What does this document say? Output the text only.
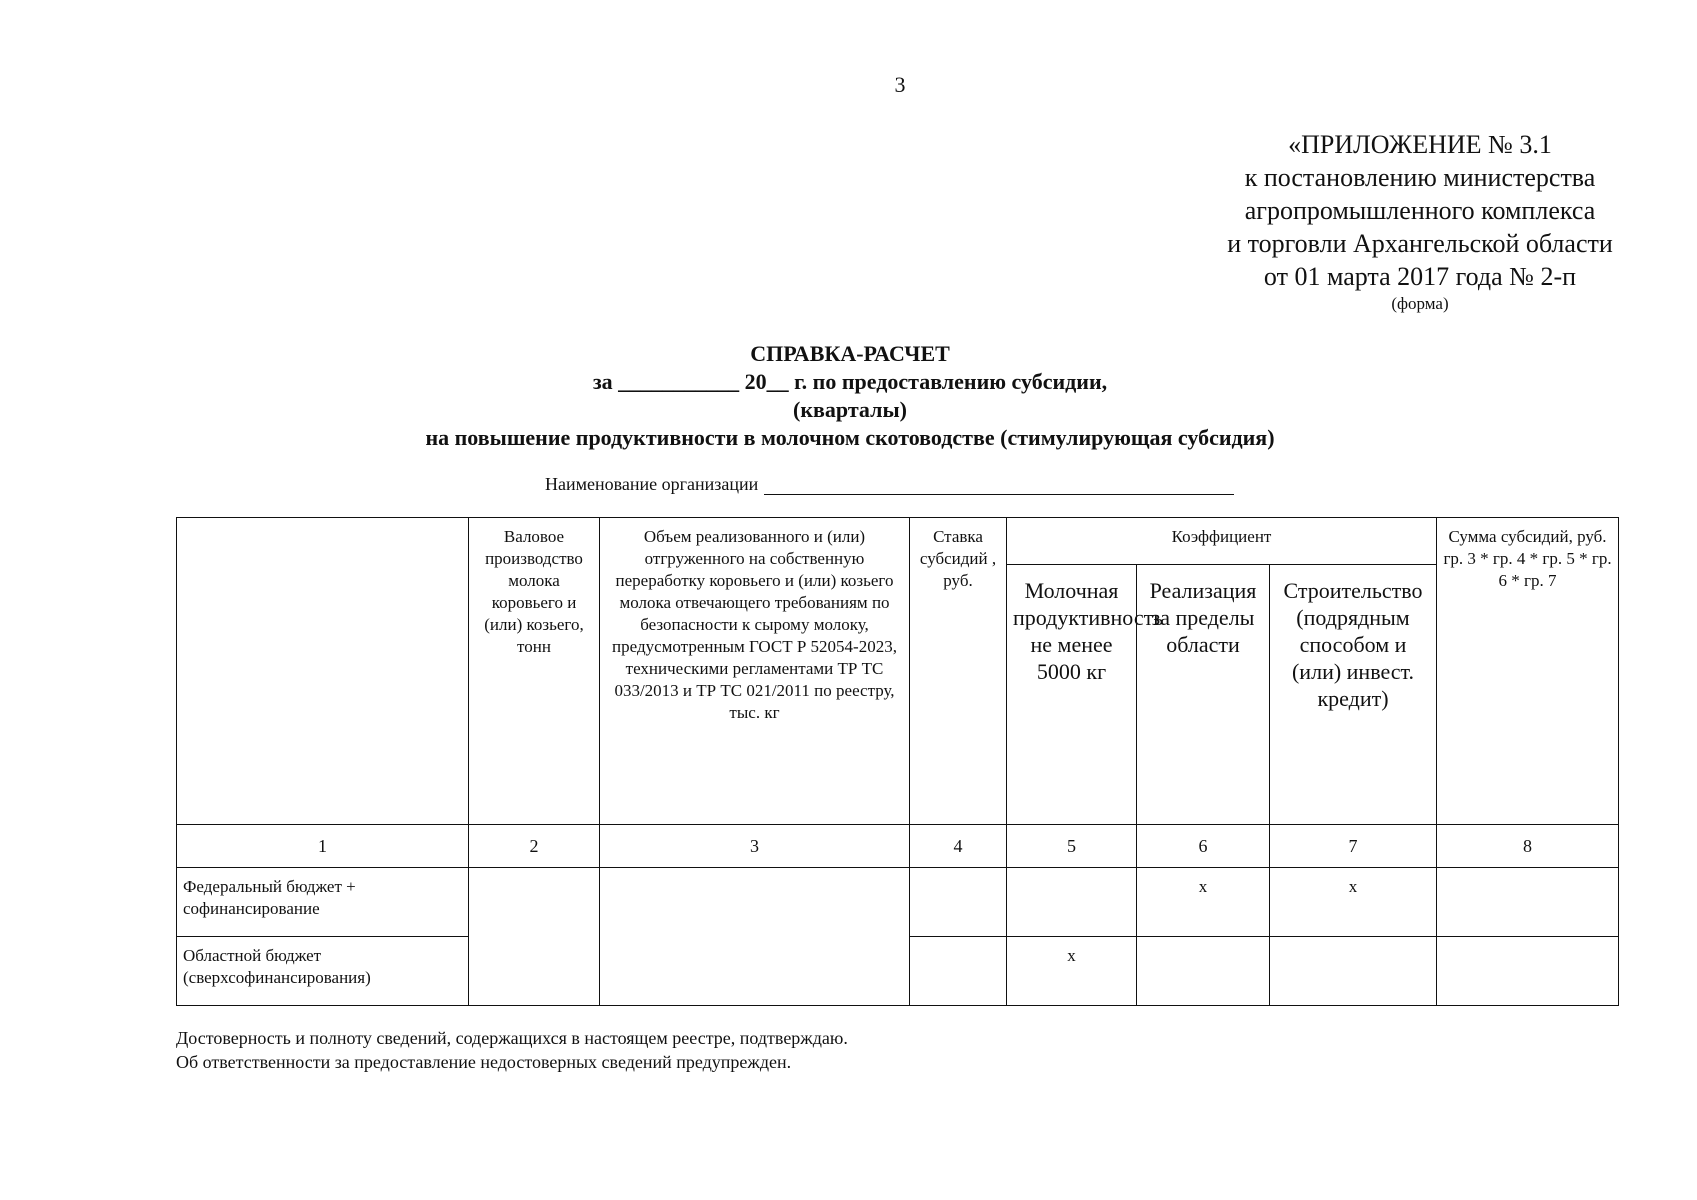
3
«ПРИЛОЖЕНИЕ № 3.1
к постановлению министерства
агропромышленного комплекса
и торговли Архангельской области
от 01 марта 2017 года № 2-п
(форма)
СПРАВКА-РАСЧЕТ
за ___________ 20__ г. по предоставлению субсидии,
(кварталы)
на повышение продуктивности в молочном скотоводстве (стимулирующая субсидия)
Наименование организации
	Валовое производство молока коровьего и (или) козьего, тонн	Объем реализованного и (или) отгруженного на собственную переработку коровьего и (или) козьего молока отвечающего требованиям по безопасности к сырому молоку, предусмотренным ГОСТ Р 52054-2023, техническими регламентами ТР ТС 033/2013 и ТР ТС 021/2011 по реестру, тыс. кг	Ставка субсидий , руб.	Коэффициент			Сумма субсидий, руб. гр. 3 * гр. 4 * гр. 5 * гр. 6 * гр. 7
				Молочная продуктивность не менее 5000 кг	Реализация за пределы области	Строительство (подрядным способом и (или) инвест. кредит)	
1	2	3	4	5	6	7	8
Федеральный бюджет + софинансирование					х	х	
Областной бюджет (сверхсофинансирования)				х			
Достоверность и полноту сведений, содержащихся в настоящем реестре, подтверждаю.
Об ответственности за предоставление недостоверных сведений предупрежден.
